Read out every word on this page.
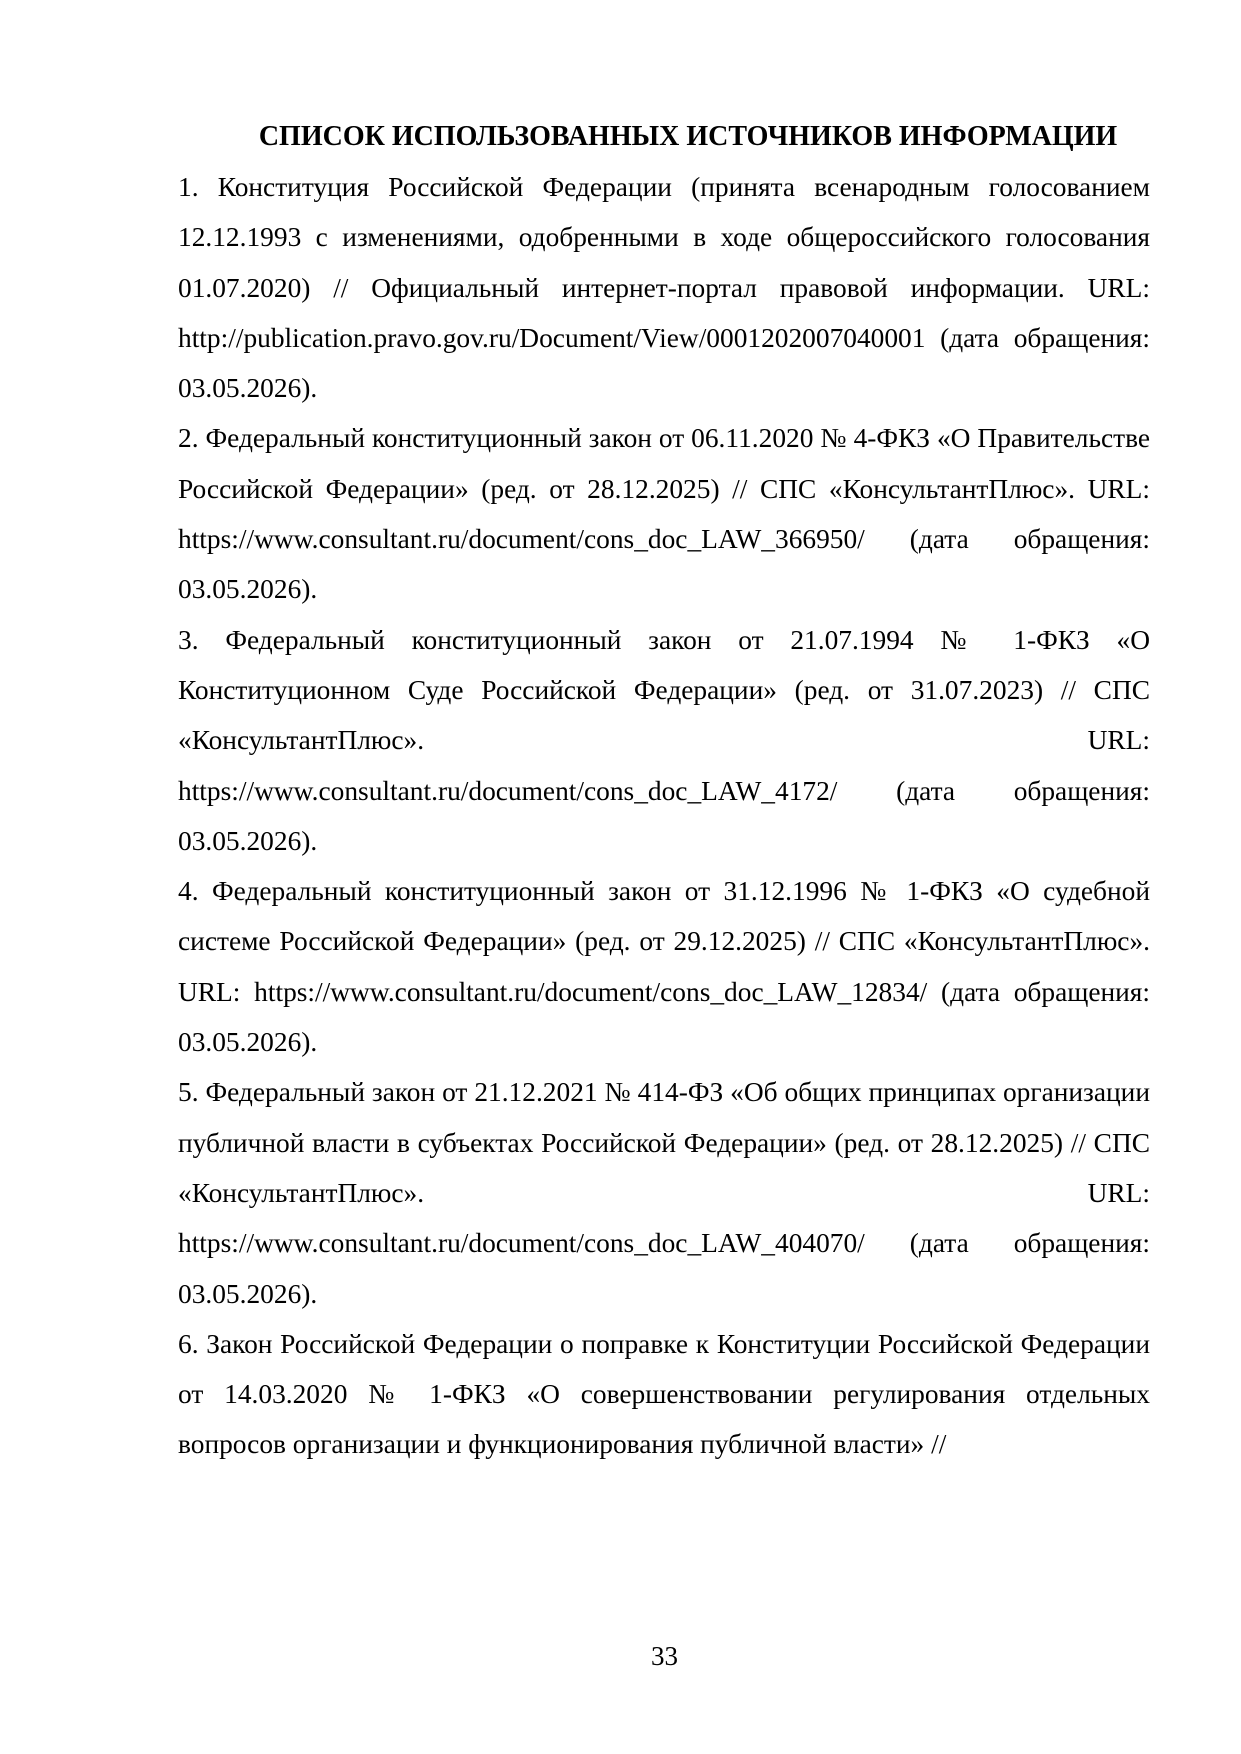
СПИСОК ИСПОЛЬЗОВАННЫХ ИСТОЧНИКОВ ИНФОРМАЦИИ
1. Конституция Российской Федерации (принята всенародным голосованием 12.12.1993 с изменениями, одобренными в ходе общероссийского голосования 01.07.2020) // Официальный интернет-портал правовой информации. URL: http://publication.pravo.gov.ru/Document/View/0001202007040001 (дата обращения: 03.05.2026).
2. Федеральный конституционный закон от 06.11.2020 № 4-ФКЗ «О Правительстве Российской Федерации» (ред. от 28.12.2025) // СПС «КонсультантПлюс». URL: https://www.consultant.ru/document/cons_doc_LAW_366950/ (дата обращения: 03.05.2026).
3. Федеральный конституционный закон от 21.07.1994 № 1-ФКЗ «О Конституционном Суде Российской Федерации» (ред. от 31.07.2023) // СПС «КонсультантПлюс». URL: https://www.consultant.ru/document/cons_doc_LAW_4172/ (дата обращения: 03.05.2026).
4. Федеральный конституционный закон от 31.12.1996 № 1-ФКЗ «О судебной системе Российской Федерации» (ред. от 29.12.2025) // СПС «КонсультантПлюс». URL: https://www.consultant.ru/document/cons_doc_LAW_12834/ (дата обращения: 03.05.2026).
5. Федеральный закон от 21.12.2021 № 414-ФЗ «Об общих принципах организации публичной власти в субъектах Российской Федерации» (ред. от 28.12.2025) // СПС «КонсультантПлюс». URL: https://www.consultant.ru/document/cons_doc_LAW_404070/ (дата обращения: 03.05.2026).
6. Закон Российской Федерации о поправке к Конституции Российской Федерации от 14.03.2020 № 1-ФКЗ «О совершенствовании регулирования отдельных вопросов организации и функционирования публичной власти» //
33
